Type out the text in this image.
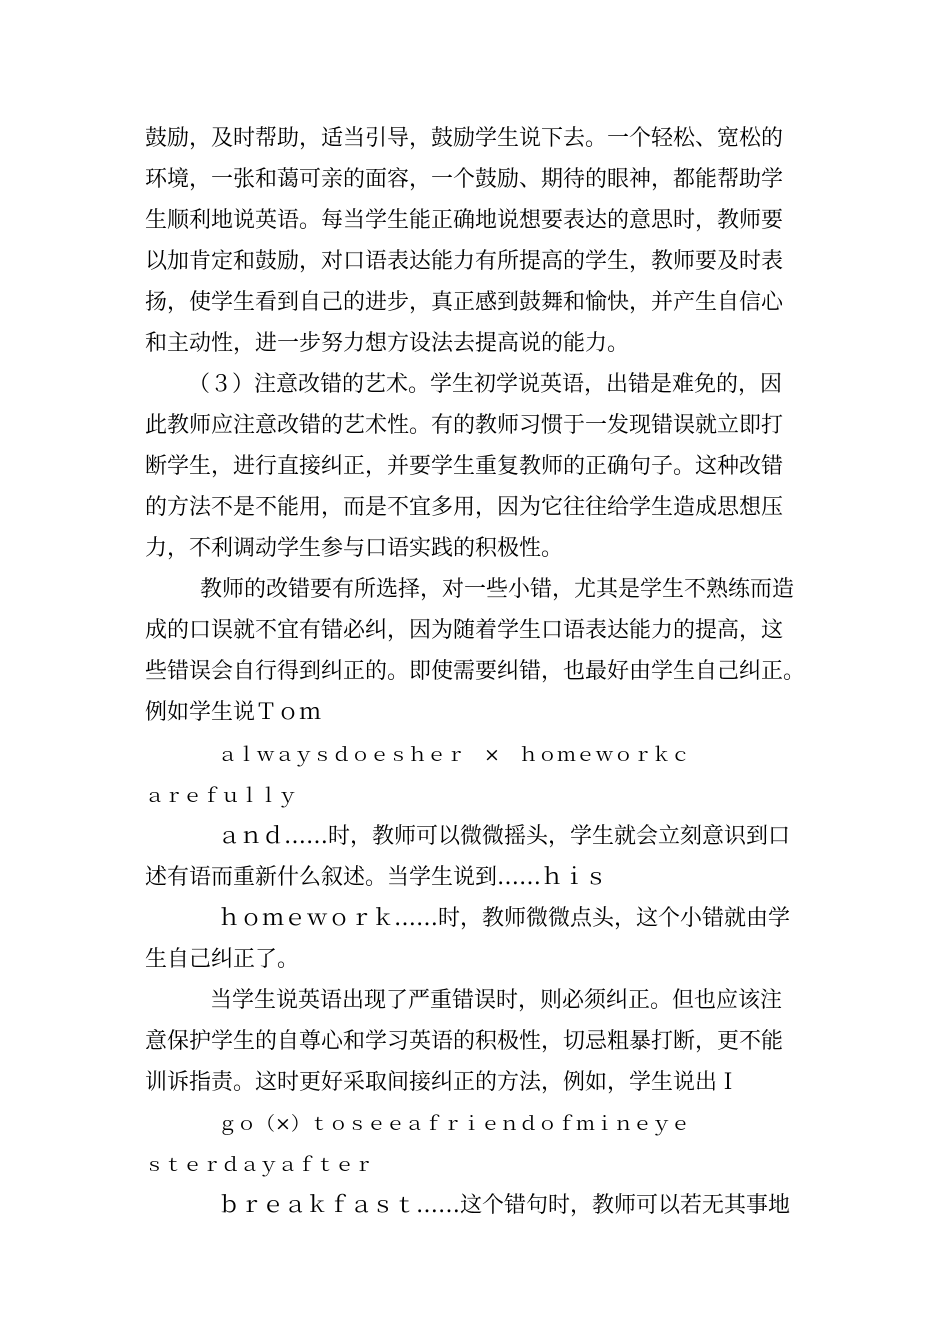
鼓励，及时帮助，适当引导，鼓励学生说下去。一个轻松、宽松的
环境，一张和蔼可亲的面容，一个鼓励、期待的眼神，都能帮助学
生顺利地说英语。每当学生能正确地说想要表达的意思时，教师要
以加肯定和鼓励，对口语表达能力有所提高的学生，教师要及时表
扬，使学生看到自己的进步，真正感到鼓舞和愉快，并产生自信心
和主动性，进一步努力想方设法去提高说的能力。
（３）注意改错的艺术。学生初学说英语，出错是难免的，因
此教师应注意改错的艺术性。有的教师习惯于一发现错误就立即打
断学生，进行直接纠正，并要学生重复教师的正确句子。这种改错
的方法不是不能用，而是不宜多用，因为它往往给学生造成思想压
力，不利调动学生参与口语实践的积极性。
教师的改错要有所选择，对一些小错，尤其是学生不熟练而造
成的口误就不宜有错必纠，因为随着学生口语表达能力的提高，这
些错误会自行得到纠正的。即使需要纠错，也最好由学生自己纠正。
例如学生说Ｔｏｍ
ａｌｗａｙｓｄｏｅｓｈｅｒ　×　ｈｏｍｅｗｏｒｋｃ
ａｒｅｆｕｌｌｙ
ａｎｄ……时，教师可以微微摇头，学生就会立刻意识到口
述有语而重新什么叙述。当学生说到……ｈｉｓ
ｈｏｍｅｗｏｒｋ……时，教师微微点头，这个小错就由学
生自己纠正了。
当学生说英语出现了严重错误时，则必须纠正。但也应该注
意保护学生的自尊心和学习英语的积极性，切忌粗暴打断，更不能
训诉指责。这时更好采取间接纠正的方法，例如，学生说出Ｉ
ｇｏ（×）ｔｏｓｅｅａｆｒｉｅｎｄｏｆｍｉｎｅｙｅ
ｓｔｅｒｄａｙａｆｔｅｒ
ｂｒｅａｋｆａｓｔ……这个错句时，教师可以若无其事地
